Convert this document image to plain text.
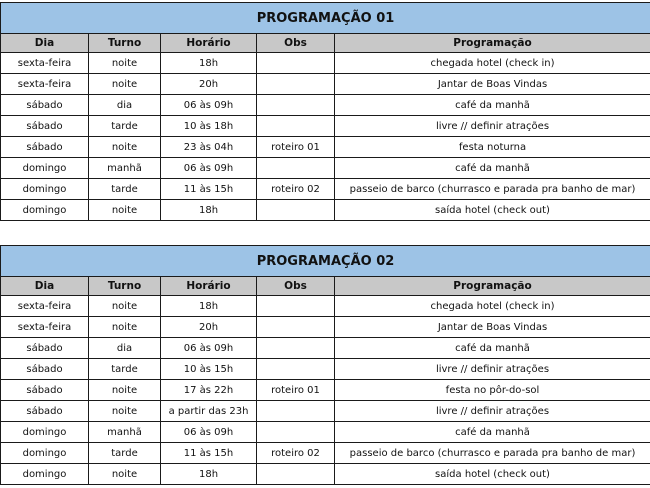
PROGRAMAÇÃO 01				
Dia	Turno	Horário	Obs	Programação
sexta-feira	noite	18h		chegada hotel (check in)
sexta-feira	noite	20h		Jantar de Boas Vindas
sábado	dia	06 às 09h		café da manhã
sábado	tarde	10 às 18h		livre // definir atrações
sábado	noite	23 às 04h	roteiro 01	festa noturna
domingo	manhã	06 às 09h		café da manhã
domingo	tarde	11 às 15h	roteiro 02	passeio de barco (churrasco e parada pra banho de mar)
domingo	noite	18h		saída hotel (check out)
PROGRAMAÇÃO 02				
Dia	Turno	Horário	Obs	Programação
sexta-feira	noite	18h		chegada hotel (check in)
sexta-feira	noite	20h		Jantar de Boas Vindas
sábado	dia	06 às 09h		café da manhã
sábado	tarde	10 às 15h		livre // definir atrações
sábado	noite	17 às 22h	roteiro 01	festa no pôr-do-sol
sábado	noite	a partir das 23h		livre // definir atrações
domingo	manhã	06 às 09h		café da manhã
domingo	tarde	11 às 15h	roteiro 02	passeio de barco (churrasco e parada pra banho de mar)
domingo	noite	18h		saída hotel (check out)
